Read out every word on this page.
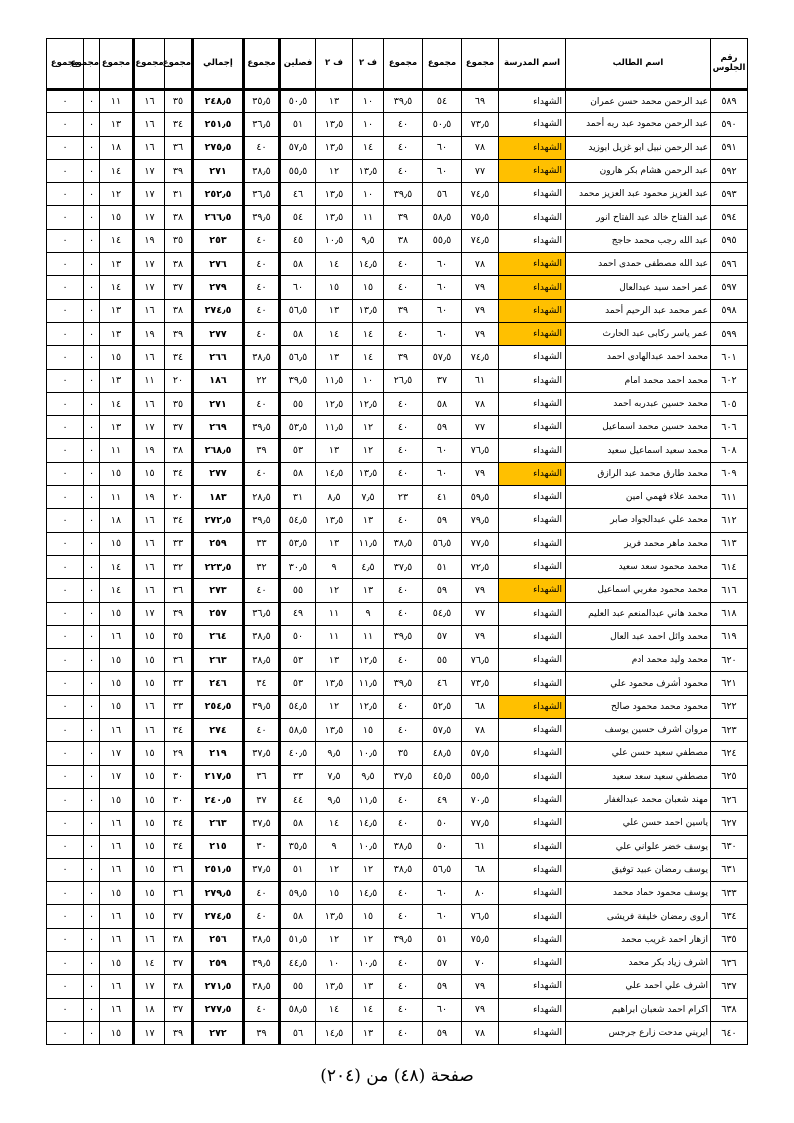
رقم الجلوس	اسم الطالب	اسم المدرسة	مجموع	مجموع	مجموع	ف ٢	ف ٢	فصلين	مجموع	إجمالي	مجموع	مجموع	مجموع	مجموع	مجموع
٥٨٩	عبد الرحمن محمد حسن عمران	الشهداء	٦٩	٥٤	٣٩٫٥	١٠	١٣	٥٠٫٥	٣٥٫٥	٢٤٨٫٥	٣٥	١٦	١١	٠	٠
٥٩٠	عبد الرحمن محمود عبد ربه أحمد	الشهداء	٧٣٫٥	٥٠٫٥	٤٠	١٠	١٣٫٥	٥١	٣٦٫٥	٢٥١٫٥	٣٤	١٦	١٣	٠	٠
٥٩١	عبد الرحمن نبيل ابو غزيل ابوزيد	الشهداء	٧٨	٦٠	٤٠	١٤	١٣٫٥	٥٧٫٥	٤٠	٢٧٥٫٥	٣٦	١٦	١٨	٠	٠
٥٩٢	عبد الرحمن هشام بكر هارون	الشهداء	٧٧	٦٠	٤٠	١٣٫٥	١٢	٥٥٫٥	٣٨٫٥	٢٧١	٣٩	١٧	١٤	٠	٠
٥٩٣	عبد العزيز محمود عبد العزيز محمد	الشهداء	٧٤٫٥	٥٦	٣٩٫٥	١٠	١٣٫٥	٤٦	٣٦٫٥	٢٥٢٫٥	٣١	١٧	١٢	٠	٠
٥٩٤	عبد الفتاح خالد عبد الفتاح انور	الشهداء	٧٥٫٥	٥٨٫٥	٣٩	١١	١٣٫٥	٥٤	٣٩٫٥	٢٦٦٫٥	٣٨	١٧	١٥	٠	٠
٥٩٥	عبد الله رجب محمد حاجج	الشهداء	٧٤٫٥	٥٥٫٥	٣٨	٩٫٥	١٠٫٥	٤٥	٤٠	٢٥٣	٣٥	١٩	١٤	٠	٠
٥٩٦	عبد الله مصطفى حمدى احمد	الشهداء	٧٨	٦٠	٤٠	١٤٫٥	١٤	٥٨	٤٠	٢٧٦	٣٨	١٧	١٣	٠	٠
٥٩٧	عمر احمد سيد عبدالعال	الشهداء	٧٩	٦٠	٤٠	١٥	١٥	٦٠	٤٠	٢٧٩	٣٧	١٧	١٤	٠	٠
٥٩٨	عمر محمد عبد الرحيم أحمد	الشهداء	٧٩	٦٠	٣٩	١٣٫٥	١٣	٥٦٫٥	٤٠	٢٧٤٫٥	٣٨	١٦	١٣	٠	٠
٥٩٩	عمر ياسر ركابى عبد الحارث	الشهداء	٧٩	٦٠	٤٠	١٤	١٤	٥٨	٤٠	٢٧٧	٣٩	١٩	١٣	٠	٠
٦٠١	محمد احمد عبدالهادى احمد	الشهداء	٧٤٫٥	٥٧٫٥	٣٩	١٤	١٣	٥٦٫٥	٣٨٫٥	٢٦٦	٣٤	١٦	١٥	٠	٠
٦٠٢	محمد احمد محمد امام	الشهداء	٦١	٣٧	٢٦٫٥	١٠	١١٫٥	٣٩٫٥	٢٢	١٨٦	٢٠	١١	١٣	٠	٠
٦٠٥	محمد حسين عبدربه احمد	الشهداء	٧٨	٥٨	٤٠	١٢٫٥	١٢٫٥	٥٥	٤٠	٢٧١	٣٥	١٦	١٤	٠	٠
٦٠٦	محمد حسين محمد اسماعيل	الشهداء	٧٧	٥٩	٤٠	١٢	١١٫٥	٥٣٫٥	٣٩٫٥	٢٦٩	٣٧	١٧	١٣	٠	٠
٦٠٨	محمد سعيد اسماعيل سعيد	الشهداء	٧٦٫٥	٦٠	٤٠	١٢	١٣	٥٣	٣٩	٢٦٨٫٥	٣٨	١٩	١١	٠	٠
٦٠٩	محمد طارق محمد عبد الرازق	الشهداء	٧٩	٦٠	٤٠	١٣٫٥	١٤٫٥	٥٨	٤٠	٢٧٧	٣٤	١٥	١٥	٠	٠
٦١١	محمد علاء فهمي امين	الشهداء	٥٩٫٥	٤١	٢٣	٧٫٥	٨٫٥	٣١	٢٨٫٥	١٨٣	٢٠	١٩	١١	٠	٠
٦١٢	محمد علي عبدالجواد صابر	الشهداء	٧٩٫٥	٥٩	٤٠	١٣	١٣٫٥	٥٤٫٥	٣٩٫٥	٢٧٢٫٥	٣٤	١٦	١٨	٠	٠
٦١٣	محمد ماهر محمد فريز	الشهداء	٧٧٫٥	٥٦٫٥	٣٨٫٥	١١٫٥	١٣	٥٣٫٥	٣٣	٢٥٩	٣٣	١٦	١٥	٠	٠
٦١٤	محمد محمود سعد سعيد	الشهداء	٧٢٫٥	٥١	٣٧٫٥	٤٫٥	٩	٣٠٫٥	٣٢	٢٢٣٫٥	٣٢	١٦	١٤	٠	٠
٦١٦	محمد محمود مغربي اسماعيل	الشهداء	٧٩	٥٩	٤٠	١٣	١٢	٥٥	٤٠	٢٧٣	٣٦	١٦	١٤	٠	٠
٦١٨	محمد هاني عبدالمنعم عبد العليم	الشهداء	٧٧	٥٤٫٥	٤٠	٩	١١	٤٩	٣٦٫٥	٢٥٧	٣٩	١٧	١٥	٠	٠
٦١٩	محمد وائل احمد عبد العال	الشهداء	٧٩	٥٧	٣٩٫٥	١١	١١	٥٠	٣٨٫٥	٢٦٤	٣٥	١٥	١٦	٠	٠
٦٢٠	محمد وليد محمد ادم	الشهداء	٧٦٫٥	٥٥	٤٠	١٢٫٥	١٣	٥٣	٣٨٫٥	٢٦٣	٣٦	١٥	١٥	٠	٠
٦٢١	محمود أشرف محمود علي	الشهداء	٧٣٫٥	٤٦	٣٩٫٥	١١٫٥	١٣٫٥	٥٣	٣٤	٢٤٦	٣٣	١٥	١٥	٠	٠
٦٢٢	محمود محمد محمود صالح	الشهداء	٦٨	٥٢٫٥	٤٠	١٢٫٥	١٢	٥٤٫٥	٣٩٫٥	٢٥٤٫٥	٣٣	١٦	١٥	٠	٠
٦٢٣	مروان اشرف حسين يوسف	الشهداء	٧٨	٥٧٫٥	٤٠	١٥	١٣٫٥	٥٨٫٥	٤٠	٢٧٤	٣٤	١٦	١٦	٠	٠
٦٢٤	مصطفي سعيد حسن علي	الشهداء	٥٧٫٥	٤٨٫٥	٣٥	١٠٫٥	٩٫٥	٤٠٫٥	٣٧٫٥	٢١٩	٢٩	١٥	١٧	٠	٠
٦٢٥	مصطفي سعيد سعد سعيد	الشهداء	٥٥٫٥	٤٥٫٥	٣٧٫٥	٩٫٥	٧٫٥	٣٣	٣٦	٢١٧٫٥	٣٠	١٥	١٧	٠	٠
٦٢٦	مهند شعبان محمد عبدالغفار	الشهداء	٧٠٫٥	٤٩	٤٠	١١٫٥	٩٫٥	٤٤	٣٧	٢٤٠٫٥	٣٠	١٥	١٥	٠	٠
٦٢٧	ياسين احمد حسن علي	الشهداء	٧٧٫٥	٥٠	٤٠	١٤٫٥	١٤	٥٨	٣٧٫٥	٢٦٣	٣٤	١٥	١٦	٠	٠
٦٣٠	يوسف خضر علواني علي	الشهداء	٦١	٥٠	٣٨٫٥	١٠٫٥	٩	٣٥٫٥	٣٠	٢١٥	٣٤	١٥	١٦	٠	٠
٦٣١	يوسف رمضان عبيد توفيق	الشهداء	٦٨	٥٦٫٥	٣٨٫٥	١٢	١٢	٥١	٣٧٫٥	٢٥١٫٥	٣٦	١٥	١٦	٠	٠
٦٣٣	يوسف محمود حماد محمد	الشهداء	٨٠	٦٠	٤٠	١٤٫٥	١٥	٥٩٫٥	٤٠	٢٧٩٫٥	٣٦	١٥	١٥	٠	٠
٦٣٤	اروى رمضان خليفة فريشى	الشهداء	٧٦٫٥	٦٠	٤٠	١٥	١٣٫٥	٥٨	٤٠	٢٧٤٫٥	٣٧	١٥	١٦	٠	٠
٦٣٥	ازهار احمد غريب محمد	الشهداء	٧٥٫٥	٥١	٣٩٫٥	١٢	١٢	٥١٫٥	٣٨٫٥	٢٥٦	٣٨	١٦	١٦	٠	٠
٦٣٦	اشرف زياد بكر محمد	الشهداء	٧٠	٥٧	٤٠	١٠٫٥	١٠	٤٤٫٥	٣٩٫٥	٢٥٩	٣٧	١٤	١٥	٠	٠
٦٣٧	اشرف علي احمد علي	الشهداء	٧٩	٥٩	٤٠	١٣	١٣٫٥	٥٥	٣٨٫٥	٢٧١٫٥	٣٨	١٧	١٦	٠	٠
٦٣٨	اكرام احمد شعبان ابراهيم	الشهداء	٧٩	٦٠	٤٠	١٤	١٤	٥٨٫٥	٤٠	٢٧٧٫٥	٣٧	١٨	١٦	٠	٠
٦٤٠	ايريني مدحت زارع جرجس	الشهداء	٧٨	٥٩	٤٠	١٣	١٤٫٥	٥٦	٣٩	٢٧٢	٣٩	١٧	١٥	٠	٠
صفحة (٤٨) من (٢٠٤)
